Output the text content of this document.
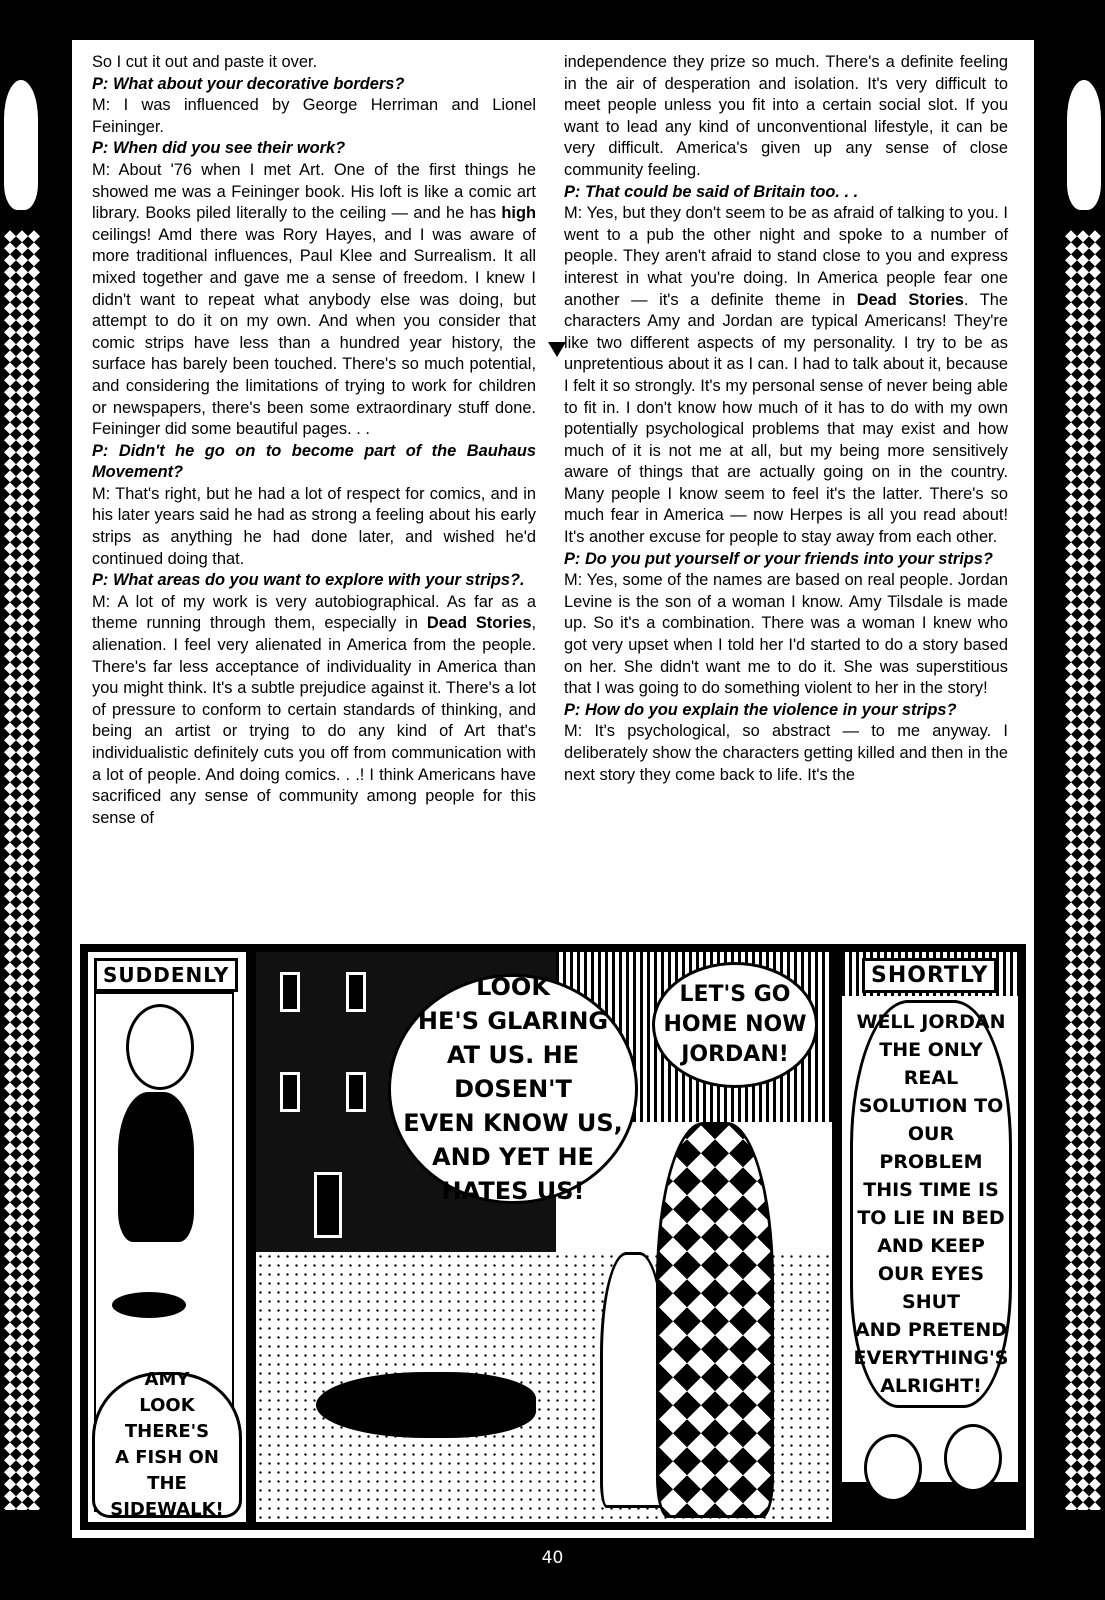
So I cut it out and paste it over.

P: What about your decorative borders?

M: I was influenced by George Herriman and Lionel Feininger.

P: When did you see their work?

M: About '76 when I met Art. One of the first things he showed me was a Feininger book. His loft is like a comic art library. Books piled literally to the ceiling — and he has high ceilings! Amd there was Rory Hayes, and I was aware of more traditional influences, Paul Klee and Surrealism. It all mixed together and gave me a sense of freedom. I knew I didn't want to repeat what anybody else was doing, but attempt to do it on my own. And when you consider that comic strips have less than a hundred year history, the surface has barely been touched. There's so much potential, and considering the limitations of trying to work for children or newspapers, there's been some extraordinary stuff done. Feininger did some beautiful pages. . .

P: Didn't he go on to become part of the Bauhaus Movement?

M: That's right, but he had a lot of respect for comics, and in his later years said he had as strong a feeling about his early strips as anything he had done later, and wished he'd continued doing that.

P: What areas do you want to explore with your strips?.

M: A lot of my work is very autobiographical. As far as a theme running through them, especially in Dead Stories, alienation. I feel very alienated in America from the people. There's far less acceptance of individuality in America than you might think. It's a subtle prejudice against it. There's a lot of pressure to conform to certain standards of thinking, and being an artist or trying to do any kind of Art that's individualistic definitely cuts you off from communication with a lot of people. And doing comics. . .! I think Americans have sacrificed any sense of community among people for this sense of

independence they prize so much. There's a definite feeling in the air of desperation and isolation. It's very difficult to meet people unless you fit into a certain social slot. If you want to lead any kind of unconventional lifestyle, it can be very difficult. America's given up any sense of close community feeling.

P: That could be said of Britain too. . .

M: Yes, but they don't seem to be as afraid of talking to you. I went to a pub the other night and spoke to a number of people. They aren't afraid to stand close to you and express interest in what you're doing. In America people fear one another — it's a definite theme in Dead Stories. The characters Amy and Jordan are typical Americans! They're like two different aspects of my personality. I try to be as unpretentious about it as I can. I had to talk about it, because I felt it so strongly. It's my personal sense of never being able to fit in. I don't know how much of it has to do with my own potentially psychological problems that may exist and how much of it is not me at all, but my being more sensitively aware of things that are actually going on in the country. Many people I know seem to feel it's the latter. There's so much fear in America — now Herpes is all you read about! It's another excuse for people to stay away from each other.

P: Do you put yourself or your friends into your strips?

M: Yes, some of the names are based on real people. Jordan Levine is the son of a woman I know. Amy Tilsdale is made up. So it's a combination. There was a woman I knew who got very upset when I told her I'd started to do a story based on her. She didn't want me to do it. She was superstitious that I was going to do something violent to her in the story!

P: How do you explain the violence in your strips?

M: It's psychological, so abstract — to me anyway. I deliberately show the characters getting killed and then in the next story they come back to life. It's the

SUDDENLY
AMY
LOOK THERE'S
A FISH ON THE
SIDEWALK!
LOOK
HE'S GLARING
AT US. HE DOSEN'T
EVEN KNOW US,
AND YET HE
HATES US!
LET'S GO
HOME NOW
JORDAN!
SHORTLY
WELL JORDAN
THE ONLY REAL
SOLUTION TO
OUR PROBLEM
THIS TIME IS
TO LIE IN BED
AND KEEP
OUR EYES SHUT
AND PRETEND
EVERYTHING'S
ALRIGHT!
40
